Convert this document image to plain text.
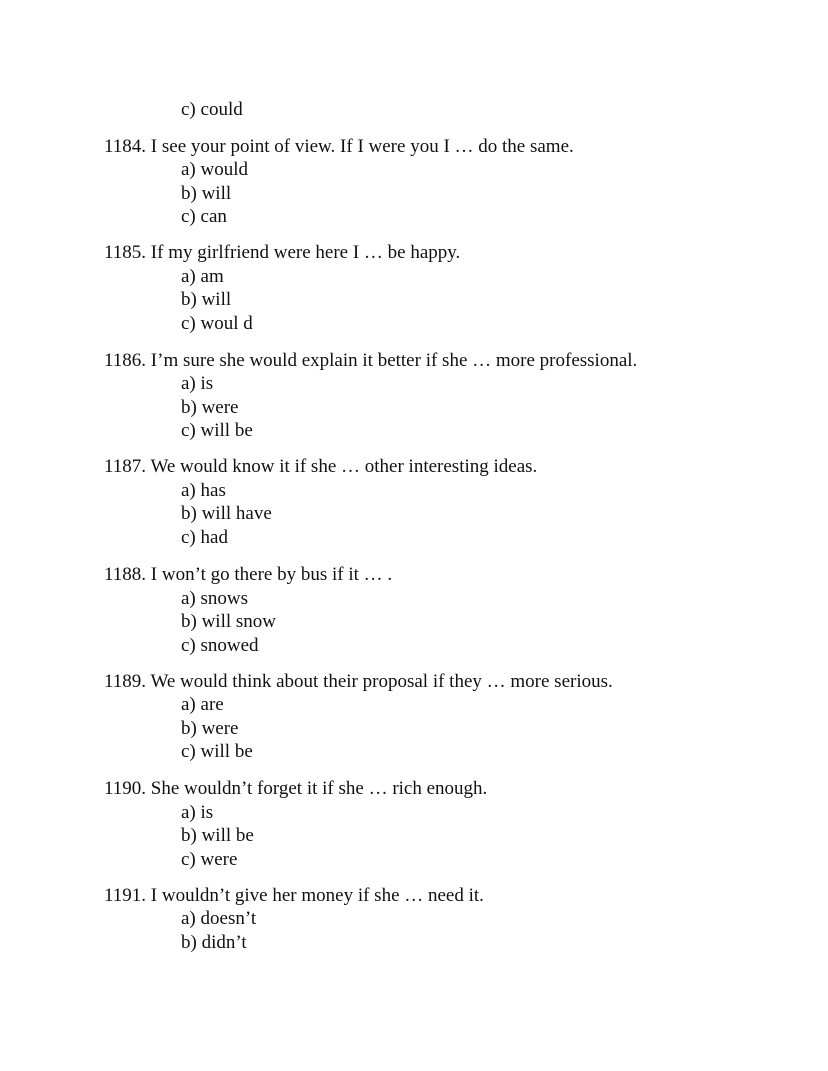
c) could
1184. I see your point of view. If I were you I … do the same.
a) would
b) will
c) can
1185. If my girlfriend were here I … be happy.
a) am
b) will
c) woul d
1186. I’m sure she would explain it better if she … more professional.
a) is
b) were
c) will be
1187. We would know it if she … other interesting ideas.
a) has
b) will have
c) had
1188. I won’t go there by bus if it … .
a) snows
b) will snow
c) snowed
1189. We would think about their proposal if they … more serious.
a) are
b) were
c) will be
1190. She wouldn’t forget it if she … rich enough.
a) is
b) will be
c) were
1191. I wouldn’t give her money if she … need it.
a) doesn’t
b) didn’t
